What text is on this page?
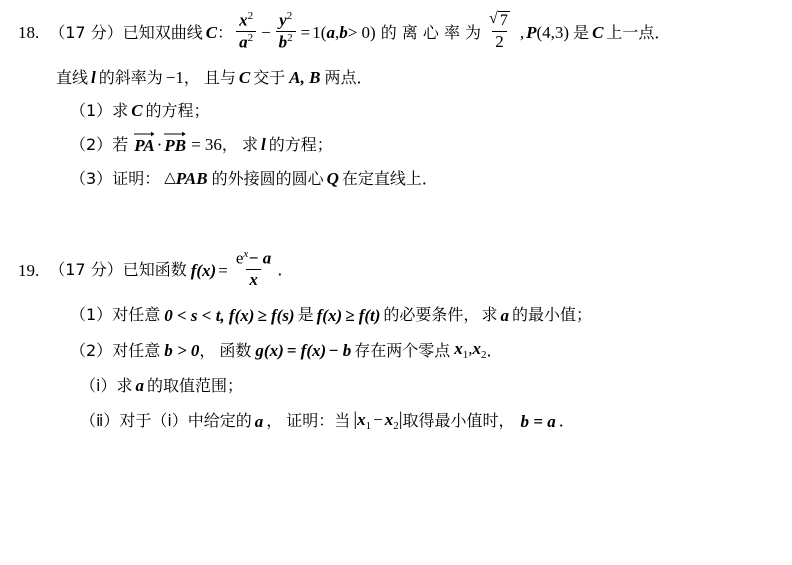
18. （17 分） 已知双曲线 C ： $\frac{x^2}{a^2} - \frac{y^2}{b^2} = 1$( a , b > 0) 的 离 心 率 为 $\frac{√ 7}{2}$ , P (4,3) 是 C 上一点．
直线 l 的斜率为 −1 ， 且与 C 交于 A, B 两点．
（1） 求 C 的方程；
（2） 若 PA · PB = 36 ， 求 l 的方程；
（3） 证明： △ PAB 的外接圆的圆心 Q 在定直线上．
19. （17 分） 已知函数 f $(x) = \frac{e^x- a}{x}$ ．
（1） 对任意 0 < s < t, f (x) ≥ f (s) 是 f (x) ≥ f (t) 的必要条件， 求 a 的最小值；
（2） 对任意 b > 0 ， 函数 g (x) = f (x) − b 存在两个零点 $x_1,x_2$ ．
（ⅰ） 求 a 的取值范围；
（ⅱ） 对于（ⅰ）中给定的 a ， 证明：当 $|x_1 - x_2|$ 取得最小值时， b = a ．
